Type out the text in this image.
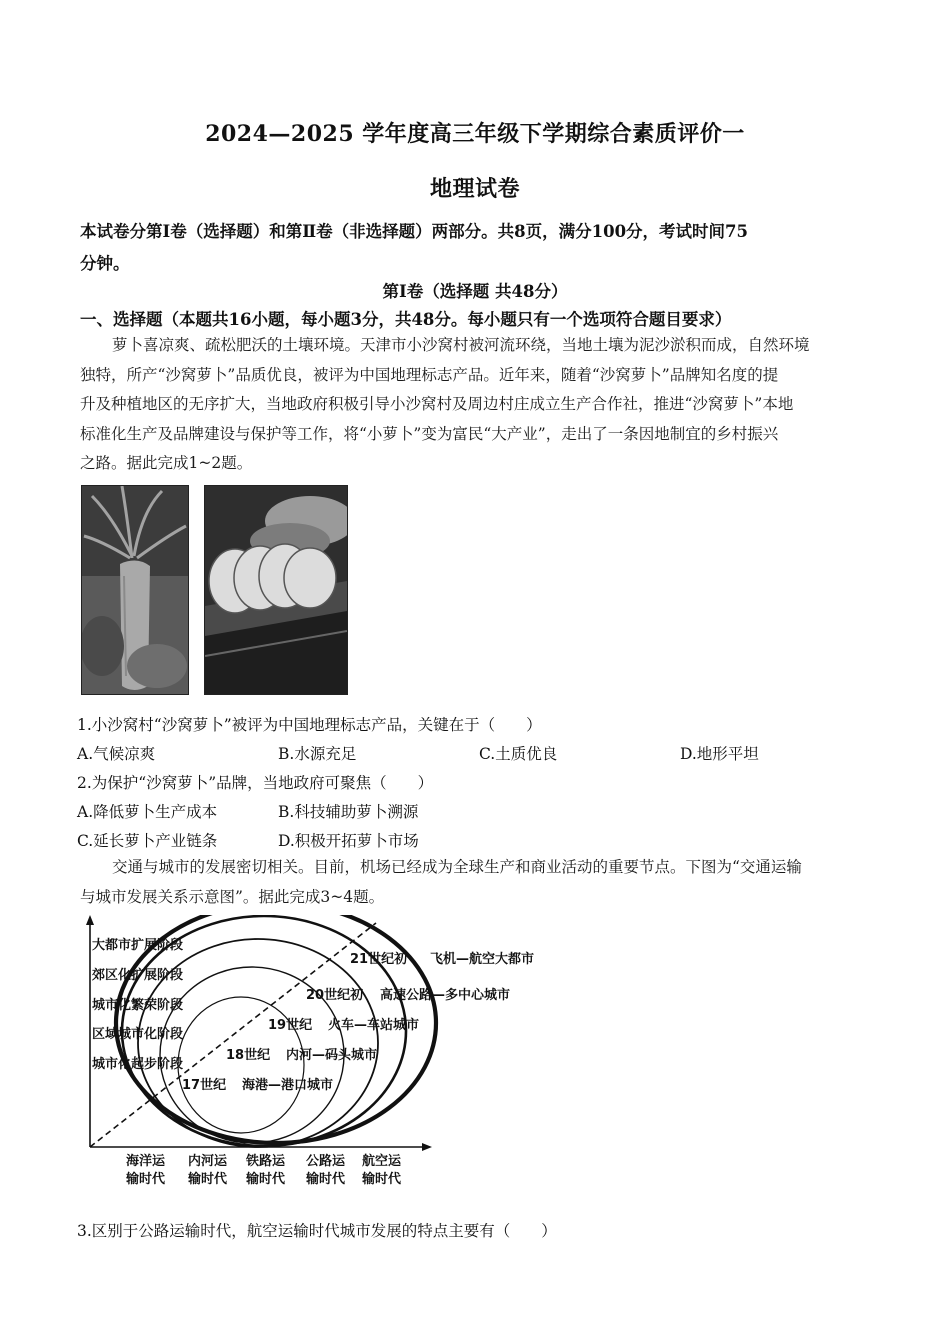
2024—2025 学年度高三年级下学期综合素质评价一
地理试卷
本试卷分第Ⅰ卷（选择题）和第Ⅱ卷（非选择题）两部分。共8页，满分100分，考试时间75
分钟。
第Ⅰ卷（选择题 共48分）
一、选择题（本题共16小题，每小题3分，共48分。每小题只有一个选项符合题目要求）
萝卜喜凉爽、疏松肥沃的土壤环境。天津市小沙窝村被河流环绕，当地土壤为泥沙淤积而成，自然环境
独特，所产“沙窝萝卜”品质优良，被评为中国地理标志产品。近年来，随着“沙窝萝卜”品牌知名度的提
升及种植地区的无序扩大，当地政府积极引导小沙窝村及周边村庄成立生产合作社，推进“沙窝萝卜”本地
标准化生产及品牌建设与保护等工作，将“小萝卜”变为富民“大产业”，走出了一条因地制宜的乡村振兴
之路。据此完成1~2题。
1.小沙窝村“沙窝萝卜”被评为中国地理标志产品，关键在于（　　）
A.气候凉爽	B.水源充足	C.土质优良	D.地形平坦
2.为保护“沙窝萝卜”品牌，当地政府可聚焦（　　）
A.降低萝卜生产成本	B.科技辅助萝卜溯源
C.延长萝卜产业链条	D.积极开拓萝卜市场
交通与城市的发展密切相关。目前，机场已经成为全球生产和商业活动的重要节点。下图为“交通运输
与城市发展关系示意图”。据此完成3~4题。
大都市扩展阶段
郊区化扩展阶段
城市化繁荣阶段
区域城市化阶段
城市化起步阶段
21世纪初 飞机—航空大都市
20世纪初 高速公路—多中心城市
19世纪 火车—车站城市
18世纪 内河—码头城市
17世纪 海港—港口城市
海洋运
输时代
内河运
输时代
铁路运
输时代
公路运
输时代
航空运
输时代
3.区别于公路运输时代，航空运输时代城市发展的特点主要有（　　）
